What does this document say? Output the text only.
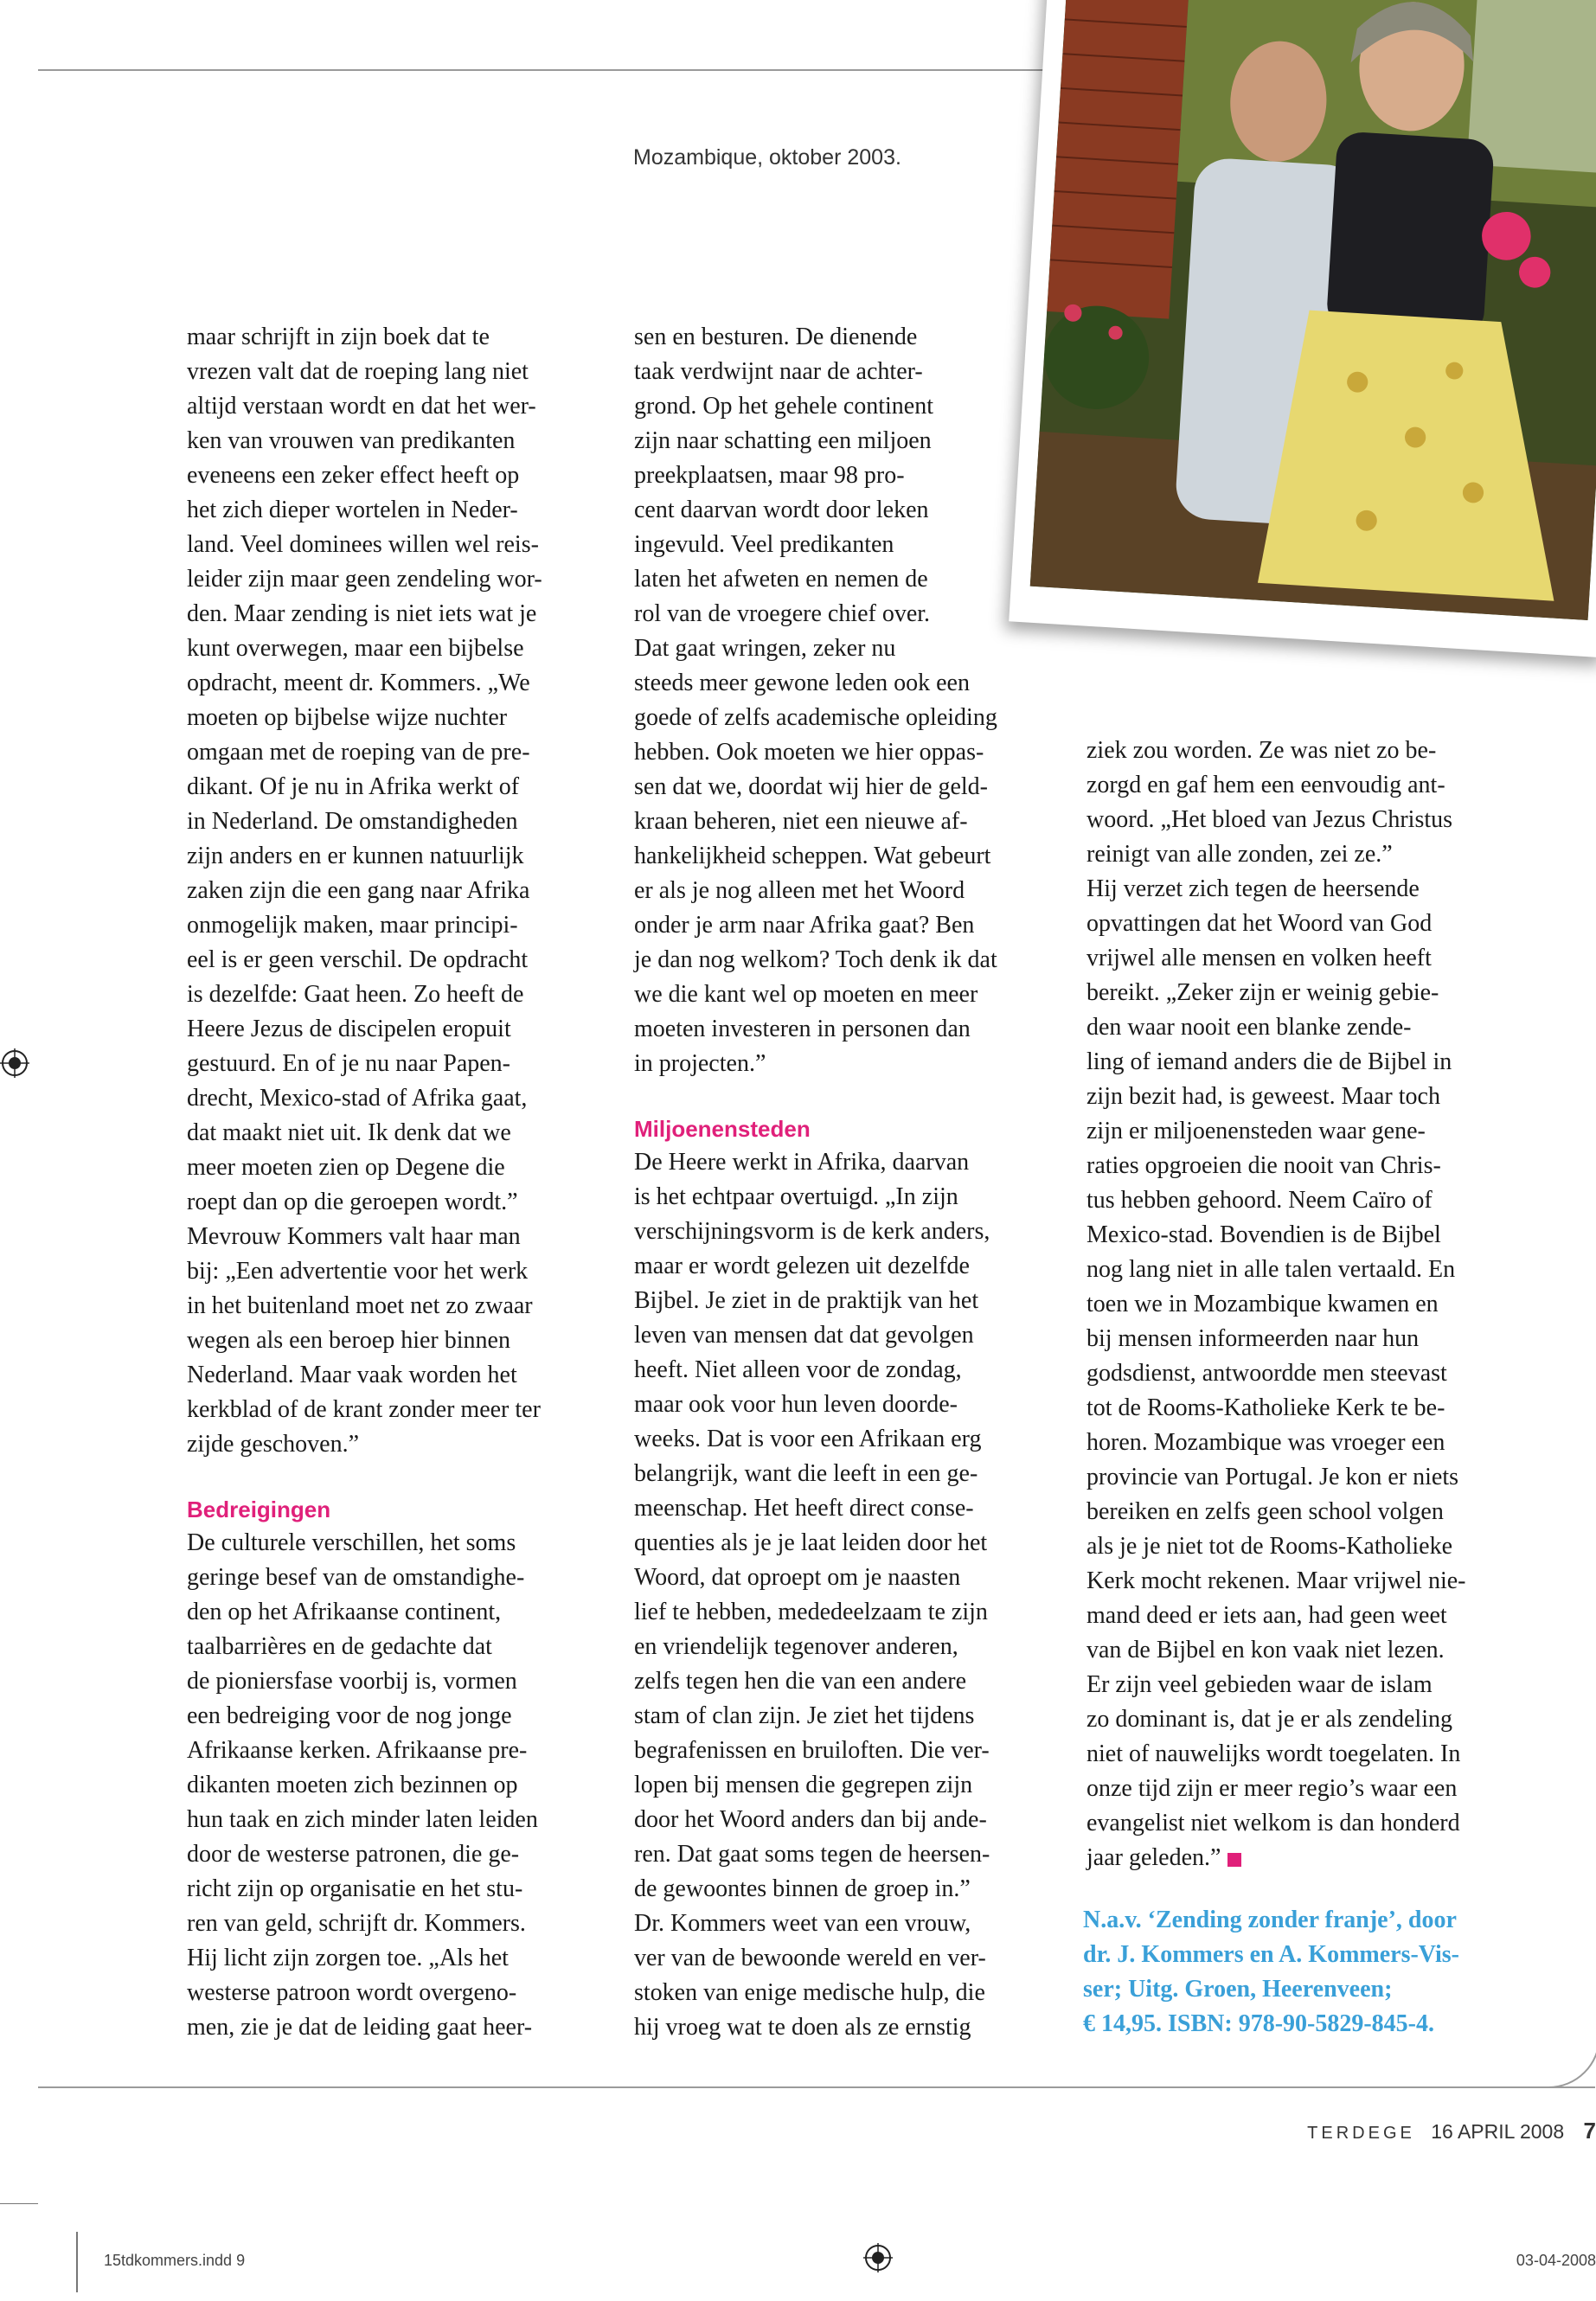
Mozambique, oktober 2003.

maar schrijft in zijn boek dat te
vrezen valt dat de roeping lang niet
altijd verstaan wordt en dat het wer-
ken van vrouwen van predikanten
eveneens een zeker effect heeft op
het zich dieper wortelen in Neder-
land. Veel dominees willen wel reis-
leider zijn maar geen zendeling wor-
den. Maar zending is niet iets wat je
kunt overwegen, maar een bijbelse
opdracht, meent dr. Kommers. „We
moeten op bijbelse wijze nuchter
omgaan met de roeping van de pre-
dikant. Of je nu in Afrika werkt of
in Nederland. De omstandigheden
zijn anders en er kunnen natuurlijk
zaken zijn die een gang naar Afrika
onmogelijk maken, maar principi-
eel is er geen verschil. De opdracht
is dezelfde: Gaat heen. Zo heeft de
Heere Jezus de discipelen eropuit
gestuurd. En of je nu naar Papen-
drecht, Mexico-stad of Afrika gaat,
dat maakt niet uit. Ik denk dat we
meer moeten zien op Degene die
roept dan op die geroepen wordt.”
Mevrouw Kommers valt haar man
bij: „Een advertentie voor het werk
in het buitenland moet net zo zwaar
wegen als een beroep hier binnen
Nederland. Maar vaak worden het
kerkblad of de krant zonder meer ter
zijde geschoven.”

Bedreigingen

De culturele verschillen, het soms
geringe besef van de omstandighe-
den op het Afrikaanse continent,
taalbarrières en de gedachte dat
de pioniersfase voorbij is, vormen
een bedreiging voor de nog jonge
Afrikaanse kerken. Afrikaanse pre-
dikanten moeten zich bezinnen op
hun taak en zich minder laten leiden
door de westerse patronen, die ge-
richt zijn op organisatie en het stu-
ren van geld, schrijft dr. Kommers.
Hij licht zijn zorgen toe. „Als het
westerse patroon wordt overgeno-
men, zie je dat de leiding gaat heer-

sen en besturen. De dienende
taak verdwijnt naar de achter-
grond. Op het gehele continent
zijn naar schatting een miljoen
preekplaatsen, maar 98 pro-
cent daarvan wordt door leken
ingevuld. Veel predikanten
laten het afweten en nemen de
rol van de vroegere chief over.
Dat gaat wringen, zeker nu
steeds meer gewone leden ook een
goede of zelfs academische opleiding
hebben. Ook moeten we hier oppas-
sen dat we, doordat wij hier de geld-
kraan beheren, niet een nieuwe af-
hankelijkheid scheppen. Wat gebeurt
er als je nog alleen met het Woord
onder je arm naar Afrika gaat? Ben
je dan nog welkom? Toch denk ik dat
we die kant wel op moeten en meer
moeten investeren in personen dan
in projecten.”

Miljoenensteden

De Heere werkt in Afrika, daarvan
is het echtpaar overtuigd. „In zijn
verschijningsvorm is de kerk anders,
maar er wordt gelezen uit dezelfde
Bijbel. Je ziet in de praktijk van het
leven van mensen dat dat gevolgen
heeft. Niet alleen voor de zondag,
maar ook voor hun leven doorde-
weeks. Dat is voor een Afrikaan erg
belangrijk, want die leeft in een ge-
meenschap. Het heeft direct conse-
quenties als je je laat leiden door het
Woord, dat oproept om je naasten
lief te hebben, mededeelzaam te zijn
en vriendelijk tegenover anderen,
zelfs tegen hen die van een andere
stam of clan zijn. Je ziet het tijdens
begrafenissen en bruiloften. Die ver-
lopen bij mensen die gegrepen zijn
door het Woord anders dan bij ande-
ren. Dat gaat soms tegen de heersen-
de gewoontes binnen de groep in.”
Dr. Kommers weet van een vrouw,
ver van de bewoonde wereld en ver-
stoken van enige medische hulp, die
hij vroeg wat te doen als ze ernstig

ziek zou worden. Ze was niet zo be-
zorgd en gaf hem een eenvoudig ant-
woord. „Het bloed van Jezus Christus
reinigt van alle zonden, zei ze.”
Hij verzet zich tegen de heersende
opvattingen dat het Woord van God
vrijwel alle mensen en volken heeft
bereikt. „Zeker zijn er weinig gebie-
den waar nooit een blanke zende-
ling of iemand anders die de Bijbel in
zijn bezit had, is geweest. Maar toch
zijn er miljoenensteden waar gene-
raties opgroeien die nooit van Chris-
tus hebben gehoord. Neem Caïro of
Mexico-stad. Bovendien is de Bijbel
nog lang niet in alle talen vertaald. En
toen we in Mozambique kwamen en
bij mensen informeerden naar hun
godsdienst, antwoordde men steevast
tot de Rooms-Katholieke Kerk te be-
horen. Mozambique was vroeger een
provincie van Portugal. Je kon er niets
bereiken en zelfs geen school volgen
als je je niet tot de Rooms-Katholieke
Kerk mocht rekenen. Maar vrijwel nie-
mand deed er iets aan, had geen weet
van de Bijbel en kon vaak niet lezen.
Er zijn veel gebieden waar de islam
zo dominant is, dat je er als zendeling
niet of nauwelijks wordt toegelaten. In
onze tijd zijn er meer regio’s waar een
evangelist niet welkom is dan honderd
jaar geleden.”

N.a.v. ‘Zending zonder franje’, door
dr. J. Kommers en A. Kommers-Vis-
ser; Uitg. Groen, Heerenveen;
€ 14,95. ISBN: 978-90-5829-845-4.
TERDEGE 16 APRIL 2008 7
15tdkommers.indd 9	03-04-2008
